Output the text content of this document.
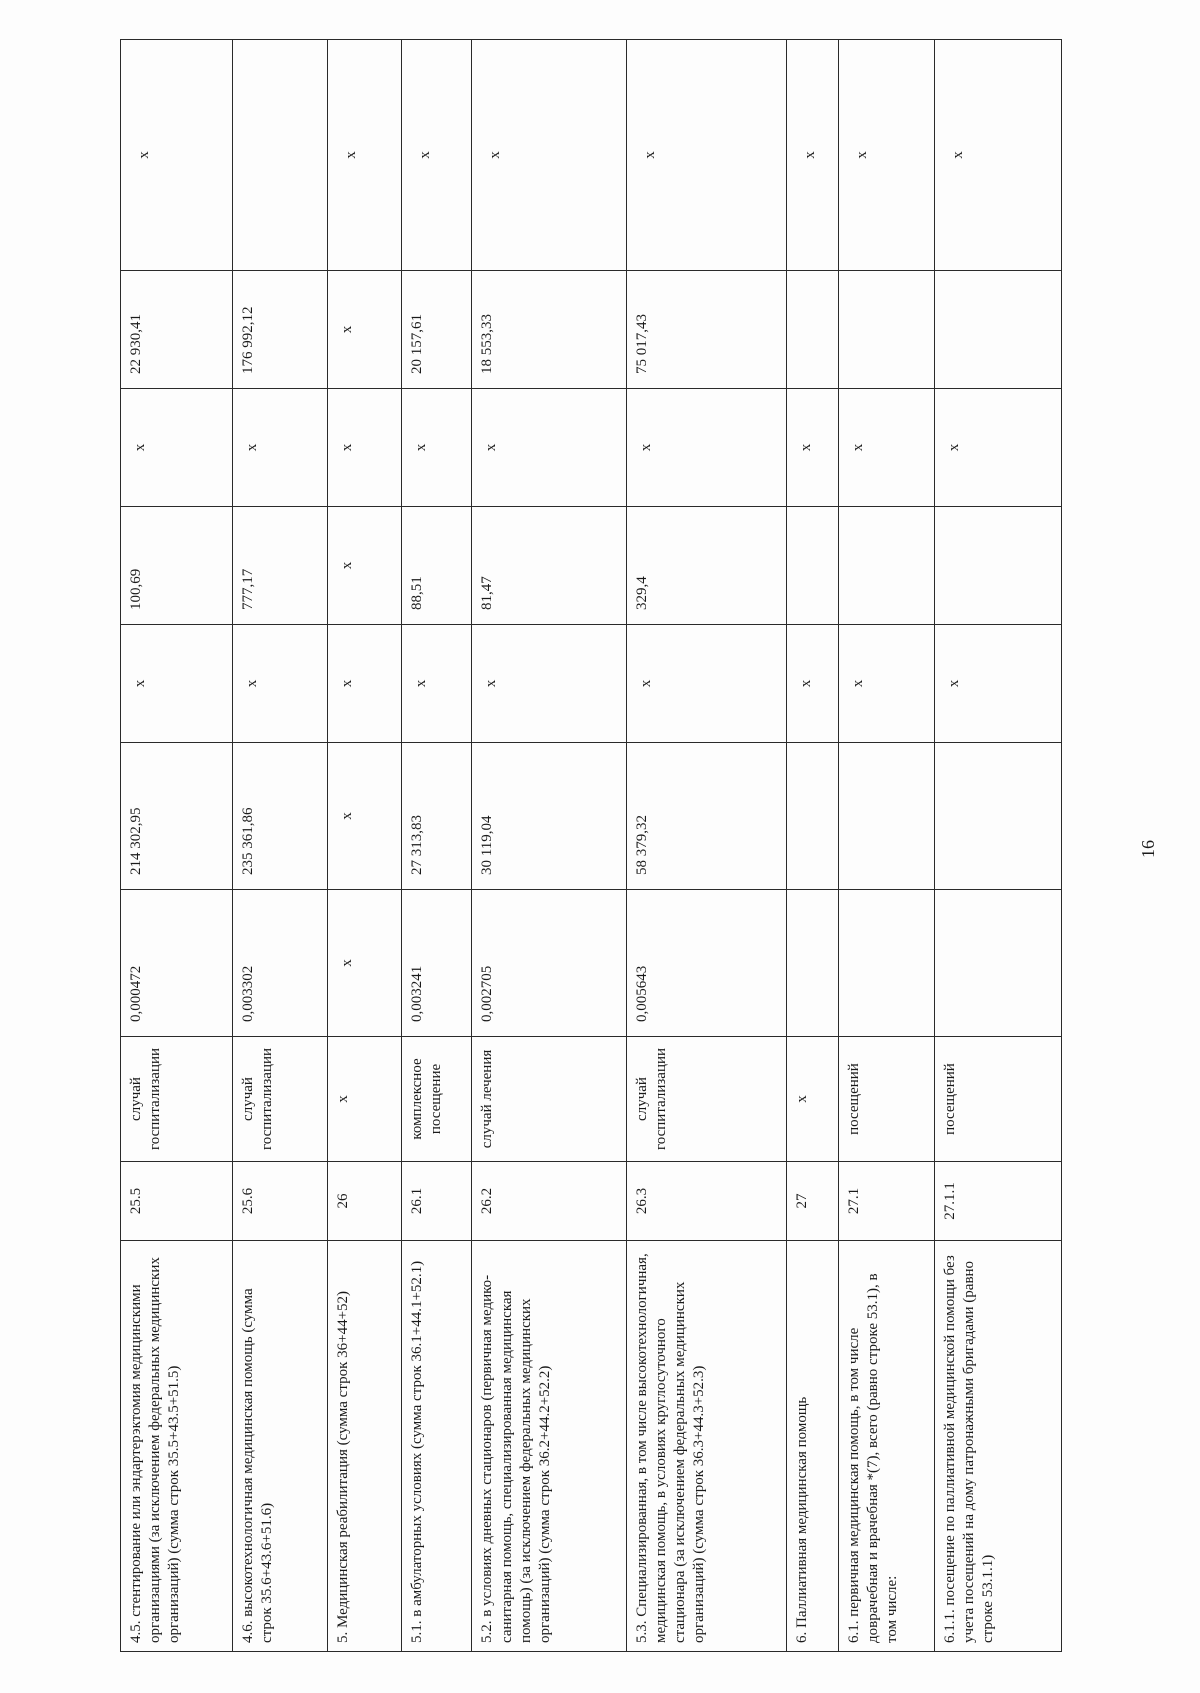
4.5. стентирование или эндартерэктомия медицинскими организациями (за исключением федеральных медицинских организаций) (сумма строк 35.5+43.5+51.5)	25.5	случай госпитализации	0,000472	214 302,95	х	100,69	х	22 930,41	х
4.6. высокотехнологичная медицинская помощь (сумма строк 35.6+43.6+51.6)	25.6	случай госпитализации	0,003302	235 361,86	х	777,17	х	176 992,12	
5. Медицинская реабилитация (сумма строк 36+44+52)	26	х	х	х	х	х	х	х	х
5.1. в амбулаторных условиях (сумма строк 36.1+44.1+52.1)	26.1	комплексное посещение	0,003241	27 313,83	х	88,51	х	20 157,61	х
5.2. в условиях дневных стационаров (первичная медико-санитарная помощь, специализированная медицинская помощь) (за исключением федеральных медицинских организаций) (сумма строк 36.2+44.2+52.2)	26.2	случай лечения	0,002705	30 119,04	х	81,47	х	18 553,33	х
5.3. Специализированная, в том числе высокотехнологичная, медицинская помощь, в условиях круглосуточного стационара (за исключением федеральных медицинских организаций) (сумма строк 36.3+44.3+52.3)	26.3	случай госпитализации	0,005643	58 379,32	х	329,4	х	75 017,43	х
6. Паллиативная медицинская помощь	27	х			х		х		х
6.1. первичная медицинская помощь, в том числе доврачебная и врачебная *(7), всего (равно строке 53.1), в том числе:	27.1	посещений			х		х		х
6.1.1. посещение по паллиативной медицинской помощи без учета посещений на дому патронажными бригадами (равно строке 53.1.1)	27.1.1	посещений			х		х		х
16
